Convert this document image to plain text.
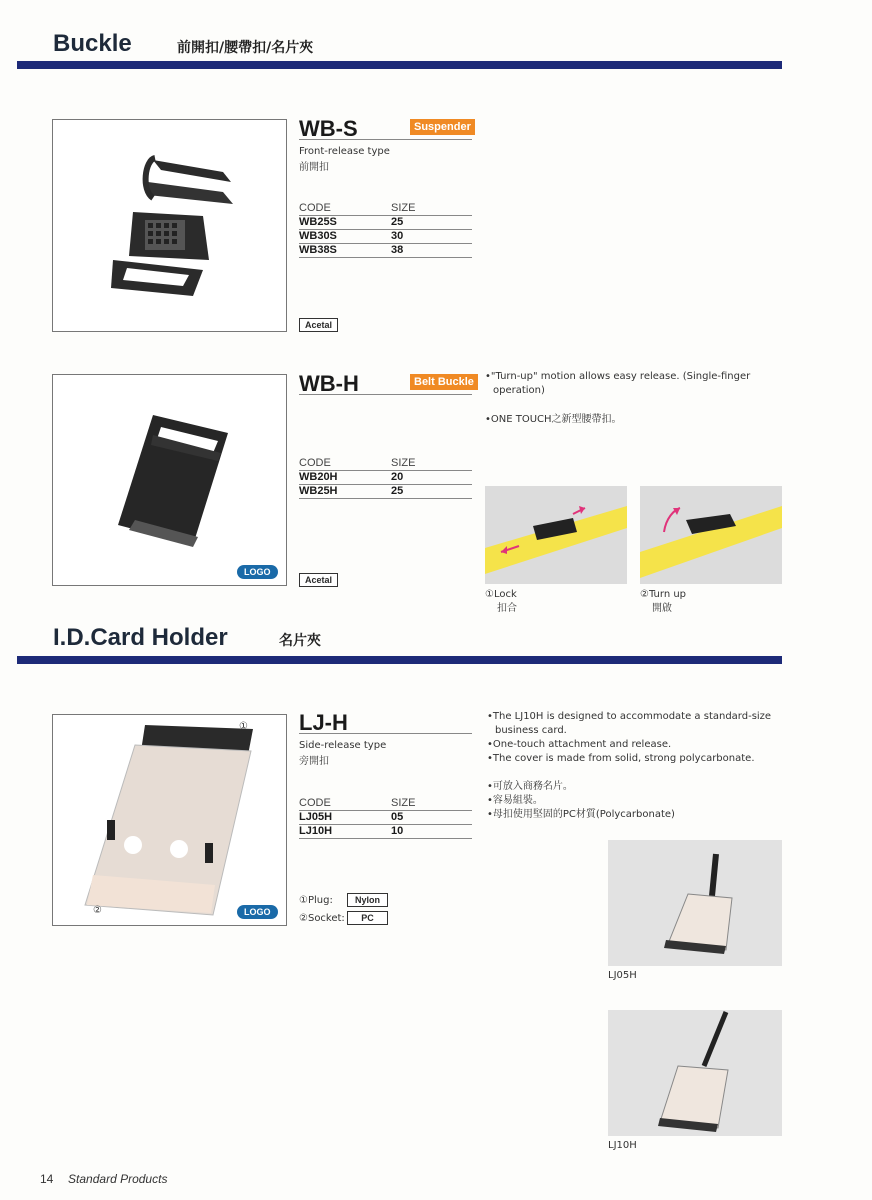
Buckle	前開扣/腰帶扣/名片夾
WB-S	Suspender
Front-release type
前開扣
CODE	SIZE
WB25S	25
WB30S	30
WB38S	38
Acetal
LOGO
WB-H	Belt Buckle
CODE	SIZE
WB20H	20
WB25H	25
Acetal
•"Turn-up" motion allows easy release. (Single-finger
operation)
•ONE TOUCH之新型腰帶扣。
①Lock
扣合
②Turn up
開啟
I.D.Card Holder	名片夾
①
②	LOGO
LJ-H
Side-release type
旁開扣
CODE	SIZE
LJ05H	05
LJ10H	10
①Plug:	Nylon
②Socket:	PC
•The LJ10H is designed to accommodate a standard-size
business card.
•One-touch attachment and release.
•The cover is made from solid, strong polycarbonate.
•可放入商務名片。
•容易組裝。
•母扣使用堅固的PC材質(Polycarbonate)
LJ05H
LJ10H
14 Standard Products
